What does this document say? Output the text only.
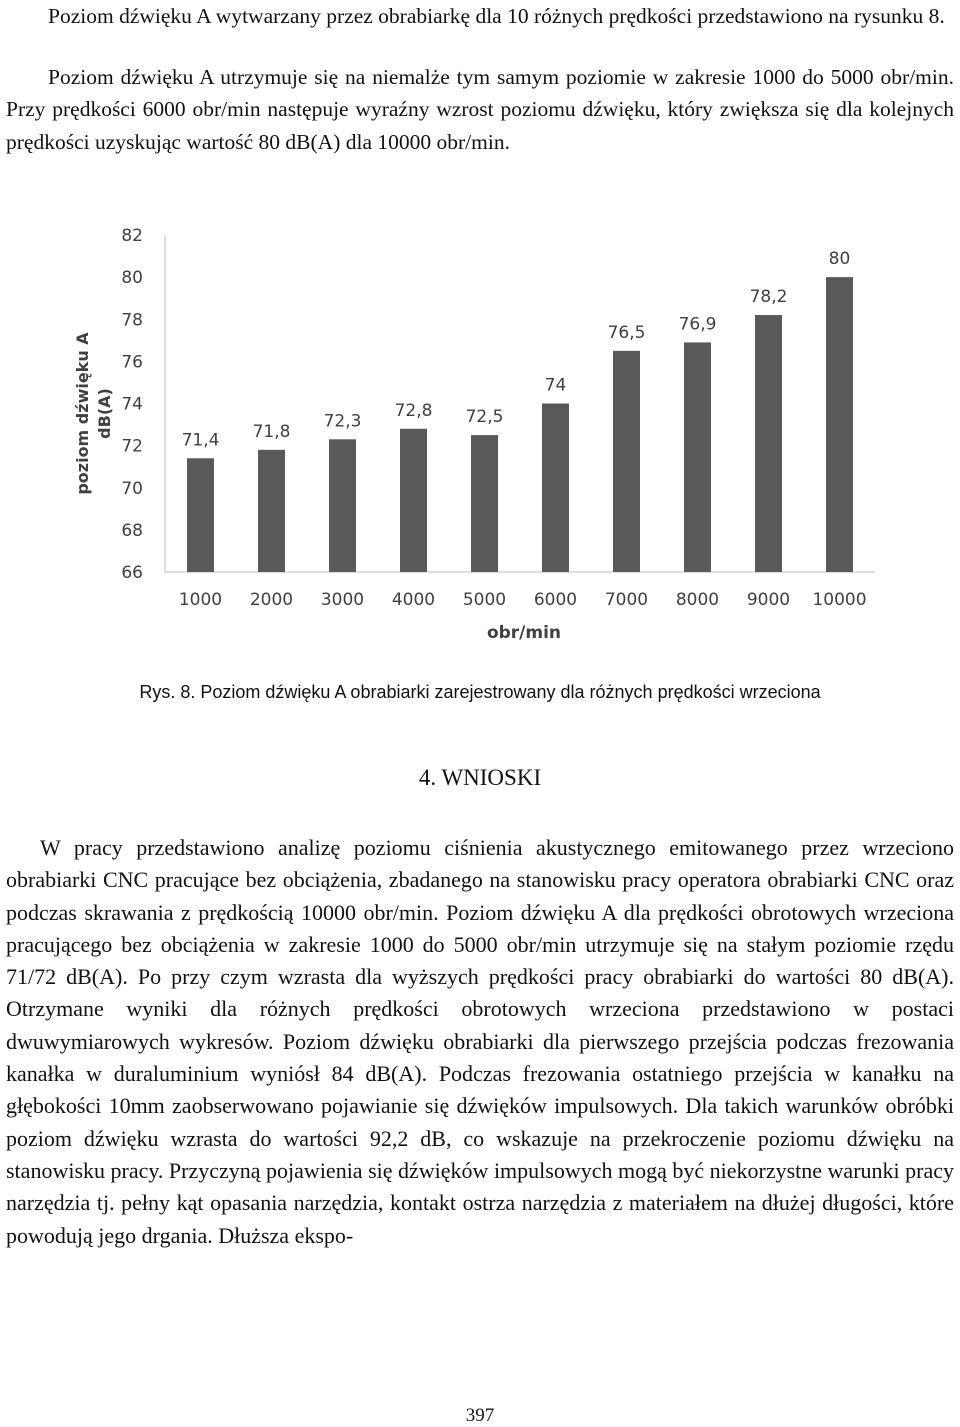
Poziom dźwięku A wytwarzany przez obrabiarkę dla 10 różnych prędkości przedstawiono na rysunku 8.

Poziom dźwięku A utrzymuje się na niemalże tym samym poziomie w zakresie 1000 do 5000 obr/min. Przy prędkości 6000 obr/min następuje wyraźny wzrost poziomu dźwięku, który zwiększa się dla kolejnych prędkości uzyskując wartość 80 dB(A) dla 10000 obr/min.

66
68
70
72
74
76
78
80
82
71,4
1000
71,8
2000
72,3
3000
72,8
4000
72,5
5000
74
6000
76,5
7000
76,9
8000
78,2
9000
80
10000
obr/min
poziom dźwięku A dB(A)
Rys. 8. Poziom dźwięku A obrabiarki zarejestrowany dla różnych prędkości wrzeciona
4. WNIOSKI

W pracy przedstawiono analizę poziomu ciśnienia akustycznego emitowanego przez wrzeciono obrabiarki CNC pracujące bez obciążenia, zbadanego na stanowisku pracy operatora obrabiarki CNC oraz podczas skrawania z prędkością 10000 obr/min. Poziom dźwięku A dla prędkości obrotowych wrzeciona pracującego bez obciążenia w zakresie 1000 do 5000 obr/min utrzymuje się na stałym poziomie rzędu 71/72 dB(A). Po przy czym wzrasta dla wyższych prędkości pracy obrabiarki do wartości 80 dB(A). Otrzymane wyniki dla różnych prędkości obrotowych wrzeciona przedstawiono w postaci dwuwymiarowych wykresów. Poziom dźwięku obrabiarki dla pierwszego przejścia podczas frezowania kanałka w duraluminium wyniósł 84 dB(A). Podczas frezowania ostatniego przejścia w kanałku na głębokości 10mm zaobserwowano pojawianie się dźwięków impulsowych. Dla takich warunków obróbki poziom dźwięku wzrasta do wartości 92,2 dB, co wskazuje na przekroczenie poziomu dźwięku na stanowisku pracy. Przyczyną pojawienia się dźwięków impulsowych mogą być niekorzystne warunki pracy narzędzia tj. pełny kąt opasania narzędzia, kontakt ostrza narzędzia z materiałem na dłużej długości, które powodują jego drgania. Dłuższa ekspo-

397
